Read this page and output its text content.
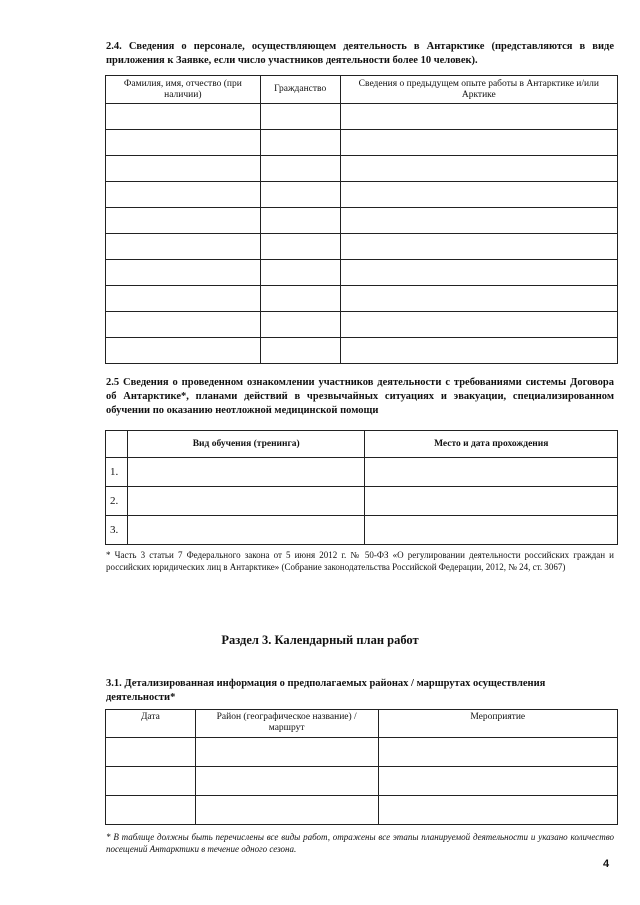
2.4. Сведения о персонале, осуществляющем деятельность в Антарктике (представляются в виде приложения к Заявке, если число участников деятельности более 10 человек).
Фамилия, имя, отчество (при наличии)	Гражданство	Сведения о предыдущем опыте работы в Антарктике и/или Арктике

2.5 Сведения о проведенном ознакомлении участников деятельности с требованиями системы Договора об Антарктике*, планами действий в чрезвычайных ситуациях и эвакуации, специализированном обучении по оказанию неотложной медицинской помощи
	Вид обучения (тренинга)	Место и дата прохождения
1.		
2.		
3.		
* Часть 3 статьи 7 Федерального закона от 5 июня 2012 г. № 50-ФЗ «О регулировании деятельности российских граждан и российских юридических лиц в Антарктике» (Собрание законодательства Российской Федерации, 2012, № 24, ст. 3067)
Раздел 3. Календарный план работ
3.1. Детализированная информация о предполагаемых районах / маршрутах осуществления деятельности*
Дата	Район (географическое название) / маршрут	Мероприятие

* В таблице должны быть перечислены все виды работ, отражены все этапы планируемой деятельности и указано количество посещений Антарктики в течение одного сезона.
4
